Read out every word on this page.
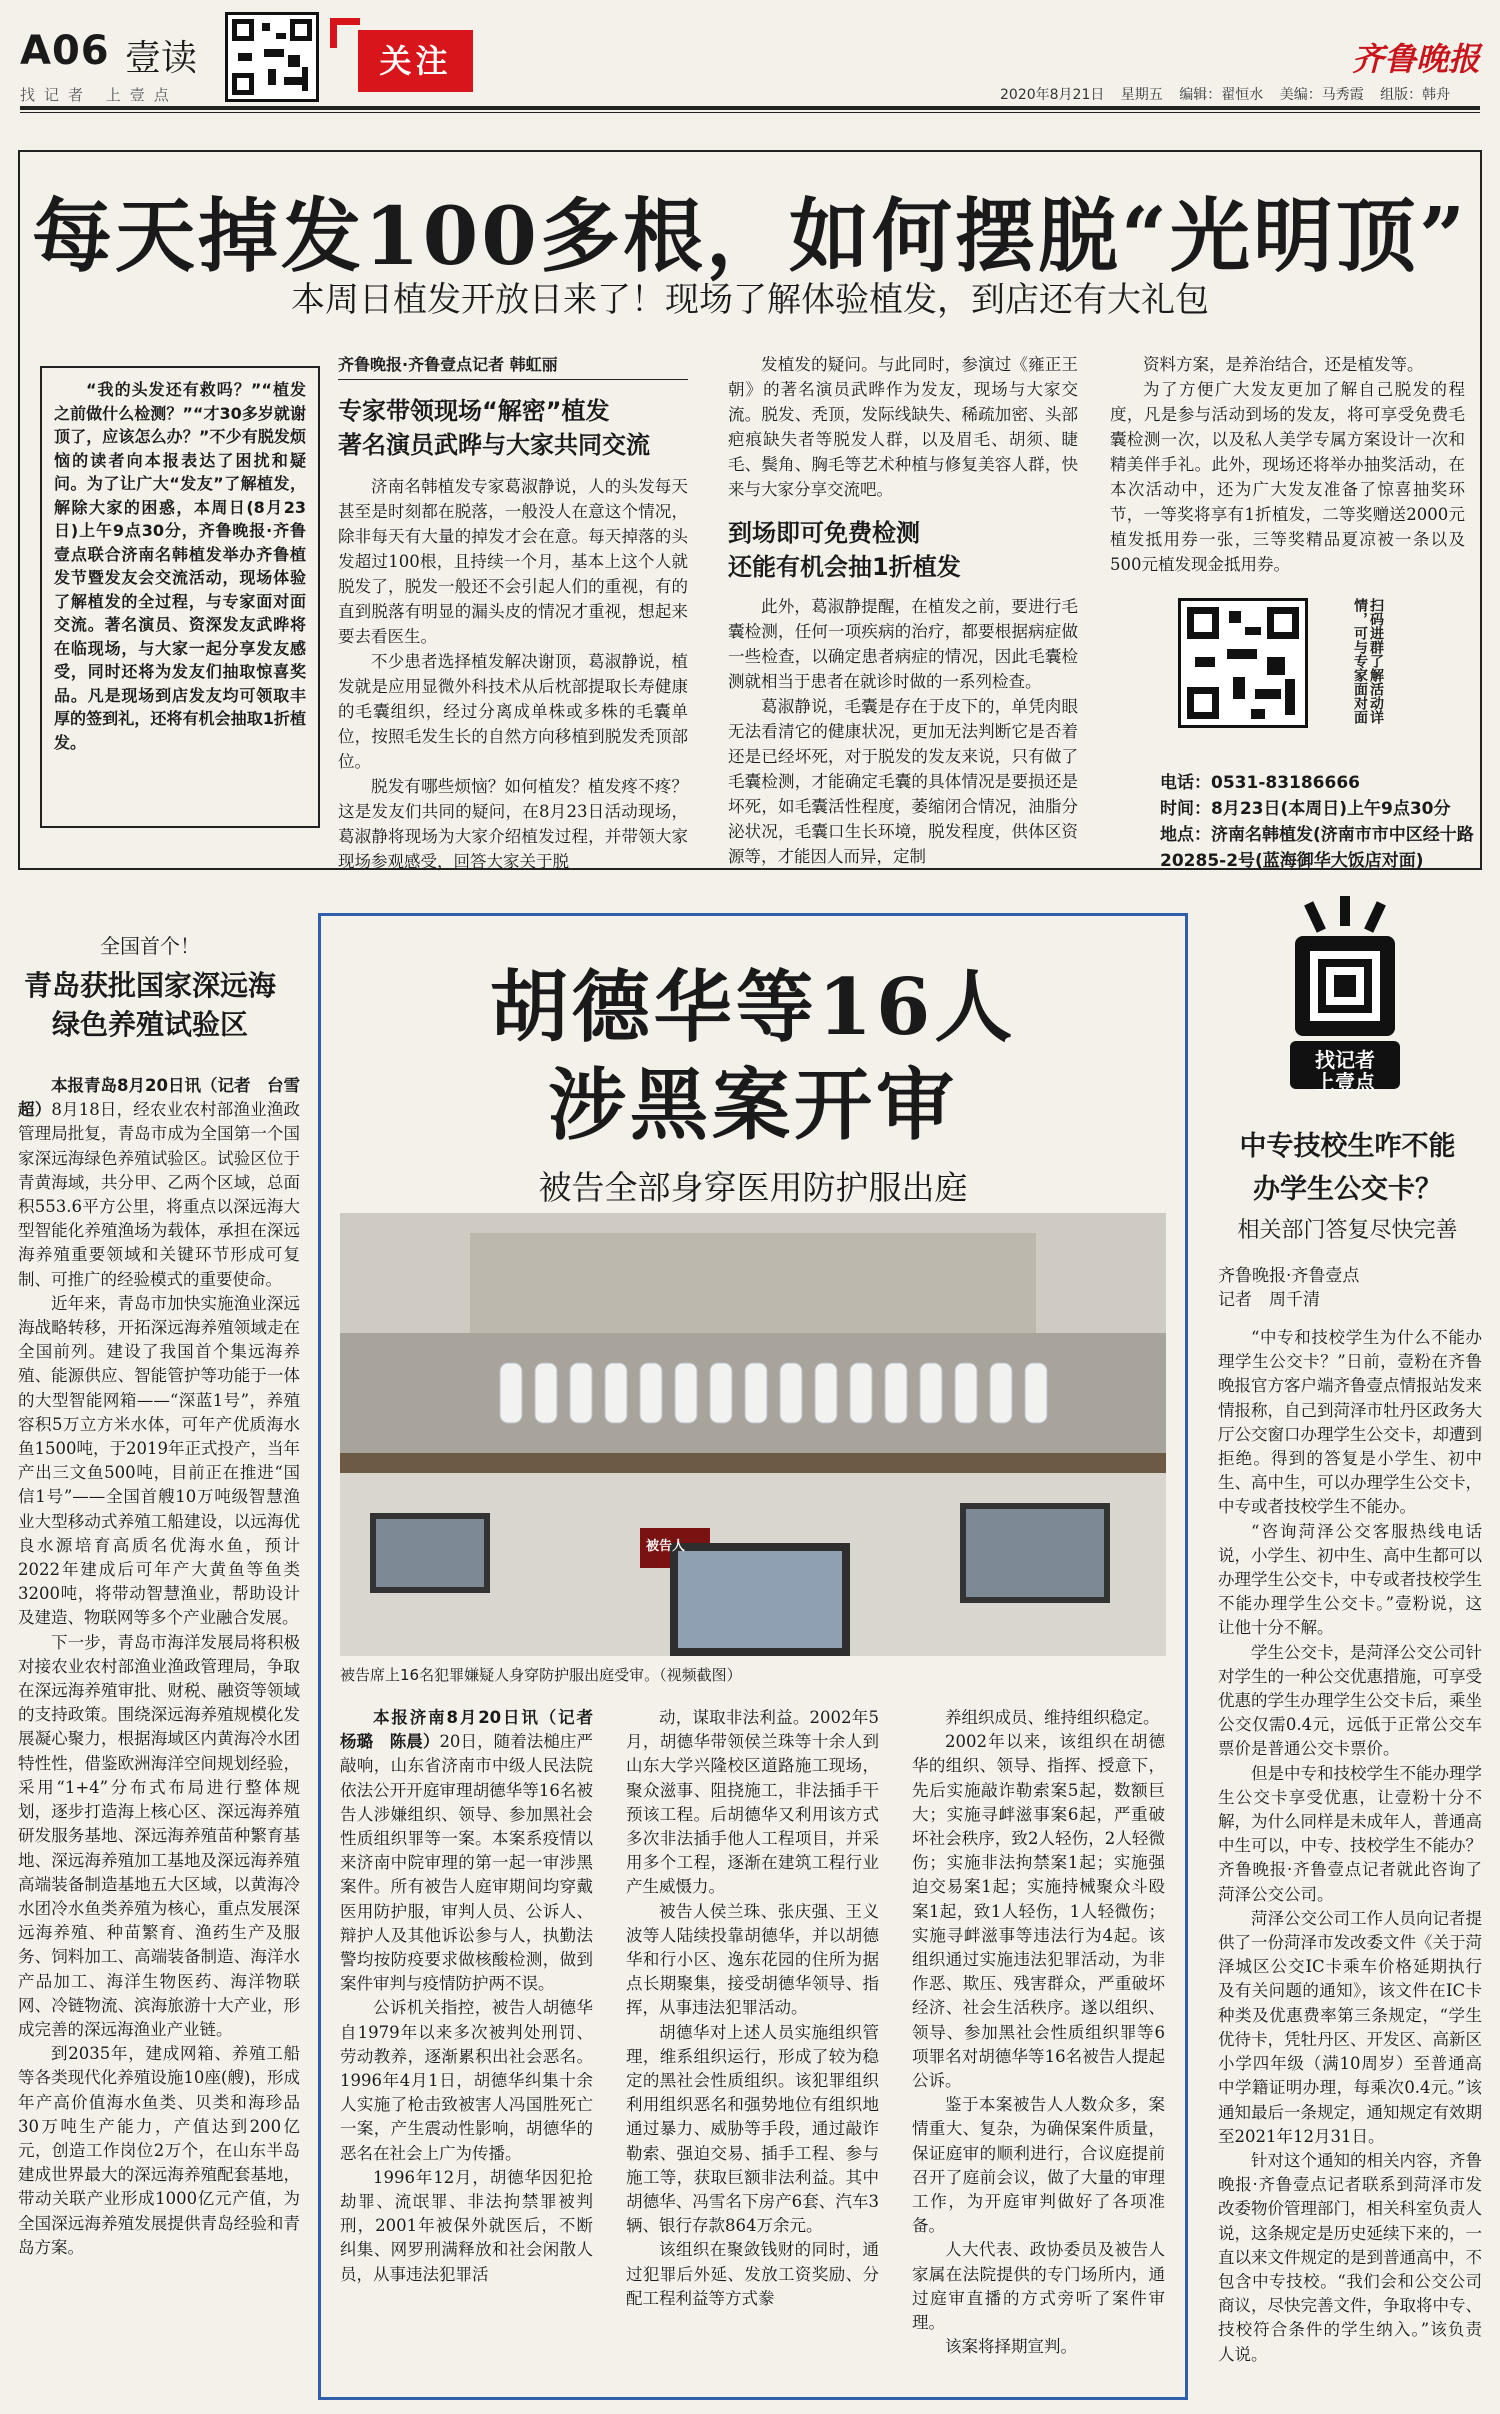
A06 壹读
找记者 上壹点
关注	齐鲁晚报
2020年8月21日 星期五 编辑：翟恒水 美编：马秀霞 组版：韩舟
每天掉发100多根，如何摆脱“光明顶”
本周日植发开放日来了！现场了解体验植发，到店还有大礼包
“我的头发还有救吗？”“植发之前做什么检测？”“才30多岁就谢顶了，应该怎么办？”不少有脱发烦恼的读者向本报表达了困扰和疑问。为了让广大“发友”了解植发，解除大家的困惑，本周日(8月23日)上午9点30分，齐鲁晚报·齐鲁壹点联合济南名韩植发举办齐鲁植发节暨发友会交流活动，现场体验了解植发的全过程，与专家面对面交流。著名演员、资深发友武晔将在临现场，与大家一起分享发友感受，同时还将为发友们抽取惊喜奖品。凡是现场到店发友均可领取丰厚的签到礼，还将有机会抽取1折植发。
齐鲁晚报·齐鲁壹点记者 韩虹丽
专家带领现场“解密”植发
著名演员武晔与大家共同交流
济南名韩植发专家葛淑静说，人的头发每天甚至是时刻都在脱落，一般没人在意这个情况，除非每天有大量的掉发才会在意。每天掉落的头发超过100根，且持续一个月，基本上这个人就脱发了，脱发一般还不会引起人们的重视，有的直到脱落有明显的漏头皮的情况才重视，想起来要去看医生。
不少患者选择植发解决谢顶，葛淑静说，植发就是应用显微外科技术从后枕部提取长寿健康的毛囊组织，经过分离成单株或多株的毛囊单位，按照毛发生长的自然方向移植到脱发秃顶部位。
脱发有哪些烦恼？如何植发？植发疼不疼？这是发友们共同的疑问，在8月23日活动现场，葛淑静将现场为大家介绍植发过程，并带领大家现场参观感受，回答大家关于脱
发植发的疑问。与此同时，参演过《雍正王朝》的著名演员武晔作为发友，现场与大家交流。脱发、秃顶，发际线缺失、稀疏加密、头部疤痕缺失者等脱发人群，以及眉毛、胡须、睫毛、鬓角、胸毛等艺术种植与修复美容人群，快来与大家分享交流吧。
到场即可免费检测
还能有机会抽1折植发
此外，葛淑静提醒，在植发之前，要进行毛囊检测，任何一项疾病的治疗，都要根据病症做一些检查，以确定患者病症的情况，因此毛囊检测就相当于患者在就诊时做的一系列检查。
葛淑静说，毛囊是存在于皮下的，单凭肉眼无法看清它的健康状况，更加无法判断它是否着还是已经坏死，对于脱发的发友来说，只有做了毛囊检测，才能确定毛囊的具体情况是要损还是坏死，如毛囊活性程度，萎缩闭合情况，油脂分泌状况，毛囊口生长环境，脱发程度，供体区资源等，才能因人而异，定制
资料方案，是养治结合，还是植发等。
为了方便广大发友更加了解自己脱发的程度，凡是参与活动到场的发友，将可享受免费毛囊检测一次，以及私人美学专属方案设计一次和精美伴手礼。此外，现场还将举办抽奖活动，在本次活动中，还为广大发友准备了惊喜抽奖环节，一等奖将享有1折植发，二等奖赠送2000元植发抵用券一张，三等奖精品夏凉被一条以及500元植发现金抵用券。
扫码进群了解活动详情，可与专家面对面
电话：0531-83186666
时间：8月23日(本周日)上午9点30分
地点：济南名韩植发(济南市市中区经十路20285-2号(蓝海御华大饭店对面)
胡德华等16人
涉黑案开审
被告全部身穿医用防护服出庭
被告人
被告席上16名犯罪嫌疑人身穿防护服出庭受审。（视频截图）
本报济南8月20日讯（记者　杨璐　陈晨）20日，随着法槌庄严敲响，山东省济南市中级人民法院依法公开开庭审理胡德华等16名被告人涉嫌组织、领导、参加黑社会性质组织罪等一案。本案系疫情以来济南中院审理的第一起一审涉黑案件。所有被告人庭审期间均穿戴医用防护服，审判人员、公诉人、辩护人及其他诉讼参与人，执勤法警均按防疫要求做核酸检测，做到案件审判与疫情防护两不误。
公诉机关指控，被告人胡德华自1979年以来多次被判处刑罚、劳动教养，逐渐累积出社会恶名。1996年4月1日，胡德华纠集十余人实施了枪击致被害人冯国胜死亡一案，产生震动性影响，胡德华的恶名在社会上广为传播。
1996年12月，胡德华因犯抢劫罪、流氓罪、非法拘禁罪被判刑，2001年被保外就医后，不断纠集、网罗刑满释放和社会闲散人员，从事违法犯罪活
动，谋取非法利益。2002年5月，胡德华带领侯兰珠等十余人到山东大学兴隆校区道路施工现场，聚众滋事、阻挠施工，非法插手干预该工程。后胡德华又利用该方式多次非法插手他人工程项目，并采用多个工程，逐渐在建筑工程行业产生威慑力。
被告人侯兰珠、张庆强、王义波等人陆续投靠胡德华，并以胡德华和行小区、逸东花园的住所为据点长期聚集，接受胡德华领导、指挥，从事违法犯罪活动。
胡德华对上述人员实施组织管理，维系组织运行，形成了较为稳定的黑社会性质组织。该犯罪组织利用组织恶名和强势地位有组织地通过暴力、威胁等手段，通过敲诈勒索、强迫交易、插手工程、参与施工等，获取巨额非法利益。其中胡德华、冯雪名下房产6套、汽车3辆、银行存款864万余元。
该组织在聚敛钱财的同时，通过犯罪后外延、发放工资奖励、分配工程利益等方式豢
养组织成员、维持组织稳定。
2002年以来，该组织在胡德华的组织、领导、指挥、授意下，先后实施敲诈勒索案5起，数额巨大；实施寻衅滋事案6起，严重破坏社会秩序，致2人轻伤，2人轻微伤；实施非法拘禁案1起；实施强迫交易案1起；实施持械聚众斗殴案1起，致1人轻伤，1人轻微伤；实施寻衅滋事等违法行为4起。该组织通过实施违法犯罪活动，为非作恶、欺压、残害群众，严重破坏经济、社会生活秩序。遂以组织、领导、参加黑社会性质组织罪等6项罪名对胡德华等16名被告人提起公诉。
鉴于本案被告人人数众多，案情重大、复杂，为确保案件质量，保证庭审的顺利进行，合议庭提前召开了庭前会议，做了大量的审理工作，为开庭审判做好了各项准备。
人大代表、政协委员及被告人家属在法院提供的专门场所内，通过庭审直播的方式旁听了案件审理。
该案将择期宣判。
全国首个！
青岛获批国家深远海
绿色养殖试验区
本报青岛8月20日讯（记者　台雪超）8月18日，经农业农村部渔业渔政管理局批复，青岛市成为全国第一个国家深远海绿色养殖试验区。试验区位于青黄海域，共分甲、乙两个区域，总面积553.6平方公里，将重点以深远海大型智能化养殖渔场为载体，承担在深远海养殖重要领域和关键环节形成可复制、可推广的经验模式的重要使命。
近年来，青岛市加快实施渔业深远海战略转移，开拓深远海养殖领域走在全国前列。建设了我国首个集远海养殖、能源供应、智能管护等功能于一体的大型智能网箱——“深蓝1号”，养殖容积5万立方米水体，可年产优质海水鱼1500吨，于2019年正式投产，当年产出三文鱼500吨，目前正在推进“国信1号”——全国首艘10万吨级智慧渔业大型移动式养殖工船建设，以远海优良水源培育高质名优海水鱼，预计2022年建成后可年产大黄鱼等鱼类3200吨，将带动智慧渔业，帮助设计及建造、物联网等多个产业融合发展。
下一步，青岛市海洋发展局将积极对接农业农村部渔业渔政管理局，争取在深远海养殖审批、财税、融资等领域的支持政策。围绕深远海养殖规模化发展凝心聚力，根据海域区内黄海冷水团特性性，借鉴欧洲海洋空间规划经验，采用“1+4”分布式布局进行整体规划，逐步打造海上核心区、深远海养殖研发服务基地、深远海养殖苗种繁育基地、深远海养殖加工基地及深远海养殖高端装备制造基地五大区域，以黄海冷水团冷水鱼类养殖为核心，重点发展深远海养殖、种苗繁育、渔药生产及服务、饲料加工、高端装备制造、海洋水产品加工、海洋生物医药、海洋物联网、冷链物流、滨海旅游十大产业，形成完善的深远海渔业产业链。
到2035年，建成网箱、养殖工船等各类现代化养殖设施10座(艘)，形成年产高价值海水鱼类、贝类和海珍品30万吨生产能力，产值达到200亿元，创造工作岗位2万个，在山东半岛建成世界最大的深远海养殖配套基地，带动关联产业形成1000亿元产值，为全国深远海养殖发展提供青岛经验和青岛方案。
找记者
上壹点
中专技校生咋不能
办学生公交卡？
相关部门答复尽快完善
齐鲁晚报·齐鲁壹点
记者　周千清
“中专和技校学生为什么不能办理学生公交卡？”日前，壹粉在齐鲁晚报官方客户端齐鲁壹点情报站发来情报称，自己到菏泽市牡丹区政务大厅公交窗口办理学生公交卡，却遭到拒绝。得到的答复是小学生、初中生、高中生，可以办理学生公交卡，中专或者技校学生不能办。
“咨询菏泽公交客服热线电话说，小学生、初中生、高中生都可以办理学生公交卡，中专或者技校学生不能办理学生公交卡。”壹粉说，这让他十分不解。
学生公交卡，是菏泽公交公司针对学生的一种公交优惠措施，可享受优惠的学生办理学生公交卡后，乘坐公交仅需0.4元，远低于正常公交车票价是普通公交卡票价。
但是中专和技校学生不能办理学生公交卡享受优惠，让壹粉十分不解，为什么同样是未成年人，普通高中生可以，中专、技校学生不能办？齐鲁晚报·齐鲁壹点记者就此咨询了菏泽公交公司。
菏泽公交公司工作人员向记者提供了一份菏泽市发改委文件《关于菏泽城区公交IC卡乘车价格延期执行及有关问题的通知》，该文件在IC卡种类及优惠费率第三条规定，“学生优待卡，凭牡丹区、开发区、高新区小学四年级（满10周岁）至普通高中学籍证明办理，每乘次0.4元。”该通知最后一条规定，通知规定有效期至2021年12月31日。
针对这个通知的相关内容，齐鲁晚报·齐鲁壹点记者联系到菏泽市发改委物价管理部门，相关科室负责人说，这条规定是历史延续下来的，一直以来文件规定的是到普通高中，不包含中专技校。“我们会和公交公司商议，尽快完善文件，争取将中专、技校符合条件的学生纳入。”该负责人说。
